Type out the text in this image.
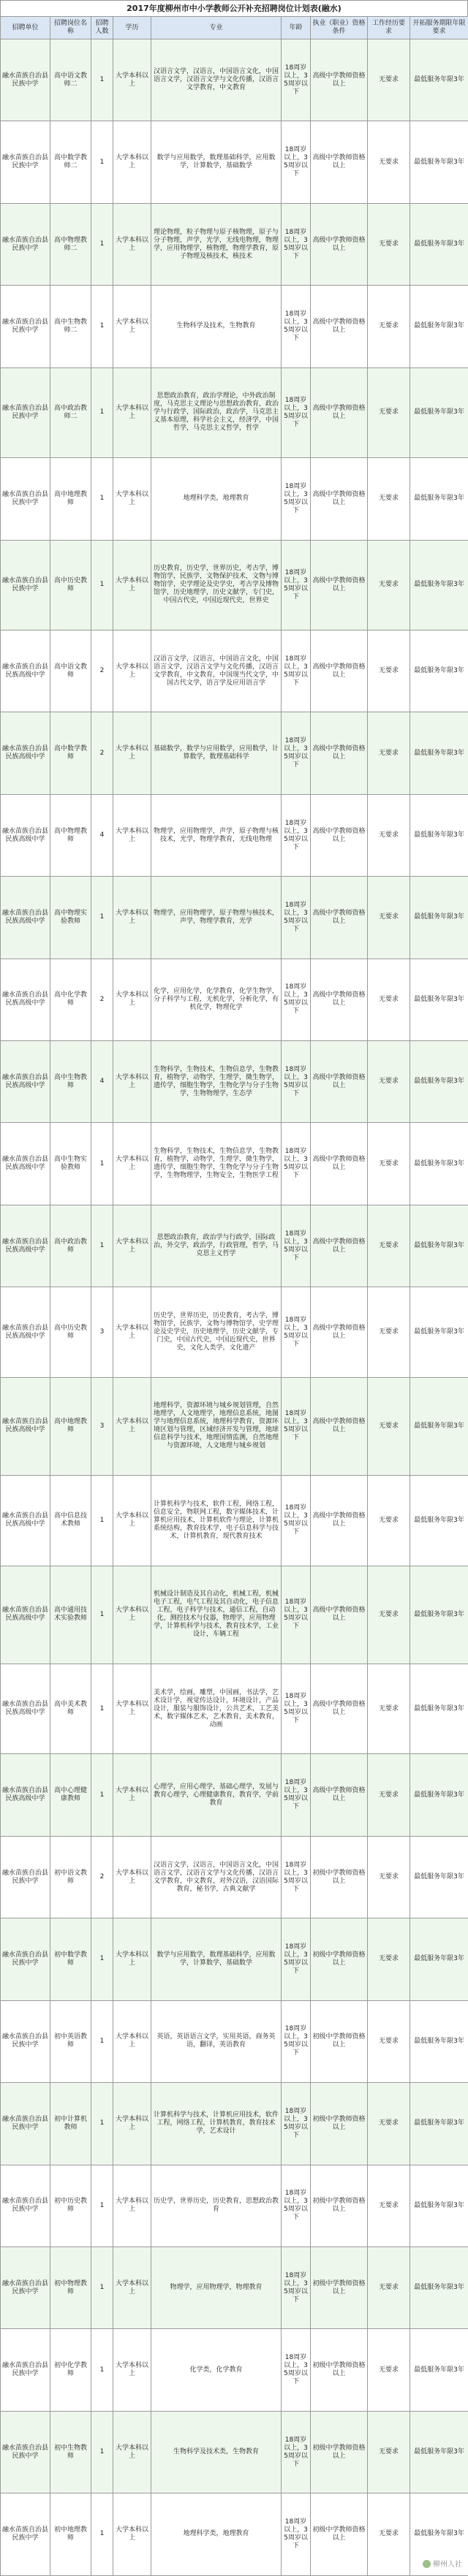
2017年度柳州市中小学教师公开补充招聘岗位计划表(融水)
招聘单位	招聘岗位名称	招聘人数	学历	专业	年龄	执业（职业）资格条件	工作经历要求	开拓服务期限年限要求
融水苗族自治县民族中学	高中语文教师二	1	大学本科以上	汉语言文学，汉语言，中国语言文化，中国语言文学，汉语言文学与文化传播，汉语言文学教育，中文教育	18周岁以上，35周岁以下	高级中学教师资格以上	无要求	最低服务年限3年
融水苗族自治县民族中学	高中数学教师二	1	大学本科以上	数学与应用数学，数理基础科学，应用数学，计算数学，基础数学	18周岁以上，35周岁以下	高级中学教师资格以上	无要求	最低服务年限3年
融水苗族自治县民族中学	高中物理教师二	1	大学本科以上	理论物理，粒子物理与原子核物理，原子与分子物理，声学，光学，无线电物理，物理学，应用物理学，核物理，物理学教育，原子物理及核技术，核技术	18周岁以上，35周岁以下	高级中学教师资格以上	无要求	最低服务年限3年
融水苗族自治县民族中学	高中生物教师二	1	大学本科以上	生物科学及技术，生物教育	18周岁以上，35周岁以下	高级中学教师资格以上	无要求	最低服务年限3年
融水苗族自治县民族中学	高中政治教师二	1	大学本科以上	思想政治教育，政治学理论，中外政治制度，马克思主义理论与思想政治教育，政治学与行政学，国际政治，政治学，马克思主义基本原理，科学社会主义，经济学，中国哲学，马克思主义哲学，哲学	18周岁以上，35周岁以下	高级中学教师资格以上	无要求	最低服务年限3年
融水苗族自治县民族中学	高中地理教师	1	大学本科以上	地理科学类，地理教育	18周岁以上，35周岁以下	高级中学教师资格以上	无要求	最低服务年限3年
融水苗族自治县民族中学	高中历史教师	1	大学本科以上	历史教育，历史学，世界历史，考古学，博物馆学，民族学，文物保护技术，文物与博物馆学，史学理论及史学史，考古学及博物馆学，历史地理学，历史文献学，专门史，中国古代史，中国近现代史，世界史	18周岁以上，35周岁以下	高级中学教师资格以上	无要求	最低服务年限3年
融水苗族自治县民族高级中学	高中语文教师	2	大学本科以上	汉语言文学，汉语言，中国语言文化，中国语言文学，汉语言文学与文化传播，汉语言文学教育，中文教育，中国现当代文学，中国古代文学，语言学及应用语言学	18周岁以上，35周岁以下	高级中学教师资格以上	无要求	最低服务年限3年
融水苗族自治县民族高级中学	高中数学教师	2	大学本科以上	基础数学，数学与应用数学，应用数学，计算数学，数理基础科学	18周岁以上，35周岁以下	高级中学教师资格以上	无要求	最低服务年限3年
融水苗族自治县民族高级中学	高中物理教师	4	大学本科以上	物理学，应用物理学，声学，原子物理与核技术，光学，物理学教育，无线电物理	18周岁以上，35周岁以下	高级中学教师资格以上	无要求	最低服务年限3年
融水苗族自治县民族高级中学	高中物理实验教师	1	大学本科以上	物理学，应用物理学，原子物理与核技术，声学，物理学教育，光学	18周岁以上，35周岁以下	高级中学教师资格以上	无要求	最低服务年限3年
融水苗族自治县民族高级中学	高中化学教师	2	大学本科以上	化学，应用化学，化学教育，化学生物学，分子科学与工程，无机化学，分析化学，有机化学，物理化学	18周岁以上，35周岁以下	高级中学教师资格以上	无要求	最低服务年限3年
融水苗族自治县民族高级中学	高中生物教师	4	大学本科以上	生物科学，生物技术，生物信息学，生物教育，植物学，动物学，生理学，微生物学，遗传学，细胞生物学，生物化学与分子生物学，生物物理学，生态学	18周岁以上，35周岁以下	高级中学教师资格以上	无要求	最低服务年限3年
融水苗族自治县民族高级中学	高中生物实验教师	1	大学本科以上	生物科学，生物技术，生物信息学，生物教育，植物学，动物学，生理学，微生物学，遗传学，细胞生物学，生物化学与分子生物学，生物物理学，生物安全，生物医学工程	18周岁以上，35周岁以下	高级中学教师资格以上	无要求	最低服务年限3年
融水苗族自治县民族高级中学	高中政治教师	1	大学本科以上	思想政治教育，政治学与行政学，国际政治，外交学，政治学，行政管理，哲学，马克思主义哲学	18周岁以上，35周岁以下	高级中学教师资格以上	无要求	最低服务年限3年
融水苗族自治县民族高级中学	高中历史教师	3	大学本科以上	历史学，世界历史，历史教育，考古学，博物馆学，民族学，文物与博物馆学，史学理论及史学史，历史地理学，历史文献学，专门史，中国古代史，中国近现代史，世界史，文化人类学，文化遗产	18周岁以上，35周岁以下	高级中学教师资格以上	无要求	最低服务年限3年
融水苗族自治县民族高级中学	高中地理教师	3	大学本科以上	地理科学，资源环境与城乡规划管理，自然地理学，人文地理学，地理信息系统，地图学与地理信息系统，地理科学教育，资源环境区划与管理，区域经济开发与管理，地球信息科学与技术，地理国情监测，自然地理与资源环境，人文地理与城乡规划	18周岁以上，35周岁以下	高级中学教师资格以上	无要求	最低服务年限3年
融水苗族自治县民族高级中学	高中信息技术教师	1	大学本科以上	计算机科学与技术，软件工程，网络工程，信息安全，物联网工程，数字媒体技术，计算机应用技术，计算机软件与理论，计算机系统结构，教育技术学，电子信息科学与技术，计算机教育，现代教育技术	18周岁以上，35周岁以下	高级中学教师资格以上	无要求	最低服务年限3年
融水苗族自治县民族高级中学	高中通用技术实验教师	1	大学本科以上	机械设计制造及其自动化，机械工程，机械电子工程，电气工程及其自动化，电子信息工程，电子科学与技术，通信工程，自动化，测控技术与仪器，物理学，应用物理学，计算机科学与技术，教育技术学，工业设计，车辆工程	18周岁以上，35周岁以下	高级中学教师资格以上	无要求	最低服务年限3年
融水苗族自治县民族高级中学	高中美术教师	1	大学本科以上	美术学，绘画，雕塑，中国画，书法学，艺术设计学，视觉传达设计，环境设计，产品设计，服装与服饰设计，公共艺术，工艺美术，数字媒体艺术，艺术教育，美术教育，动画	18周岁以上，35周岁以下	高级中学教师资格以上	无要求	最低服务年限3年
融水苗族自治县民族高级中学	高中心理健康教师	1	大学本科以上	心理学，应用心理学，基础心理学，发展与教育心理学，心理健康教育，教育学，学前教育	18周岁以上，35周岁以下	高级中学教师资格以上	无要求	最低服务年限3年
融水苗族自治县民族中学	初中语文教师	2	大学本科以上	汉语言文学，汉语言，中国语言文化，中国语言文学，汉语言文学与文化传播，汉语言文学教育，中文教育，对外汉语，汉语国际教育，秘书学，古典文献学	18周岁以上，35周岁以下	初级中学教师资格以上	无要求	最低服务年限3年
融水苗族自治县民族中学	初中数学教师	1	大学本科以上	数学与应用数学，数理基础科学，应用数学，计算数学，基础数学	18周岁以上，35周岁以下	初级中学教师资格以上	无要求	最低服务年限3年
融水苗族自治县民族中学	初中英语教师	1	大学本科以上	英语，英语语言文学，实用英语，商务英语，翻译，英语教育	18周岁以上，35周岁以下	初级中学教师资格以上	无要求	最低服务年限3年
融水苗族自治县民族中学	初中计算机教师	1	大学本科以上	计算机科学与技术，计算机应用技术，软件工程，网络工程，计算机教育，教育技术学，艺术设计	18周岁以上，35周岁以下	初级中学教师资格以上	无要求	最低服务年限3年
融水苗族自治县民族中学	初中历史教师	1	大学本科以上	历史学，世界历史，历史教育，思想政治教育	18周岁以上，35周岁以下	初级中学教师资格以上	无要求	最低服务年限3年
融水苗族自治县民族中学	初中物理教师	1	大学本科以上	物理学，应用物理学，物理教育	18周岁以上，35周岁以下	初级中学教师资格以上	无要求	最低服务年限3年
融水苗族自治县民族中学	初中化学教师	1	大学本科以上	化学类，化学教育	18周岁以上，35周岁以下	初级中学教师资格以上	无要求	最低服务年限3年
融水苗族自治县民族中学	初中生物教师	1	大学本科以上	生物科学及技术类，生物教育	18周岁以上，35周岁以下	初级中学教师资格以上	无要求	最低服务年限3年
融水苗族自治县民族中学	初中地理教师	1	大学本科以上	地理科学类，地理教育	18周岁以上，35周岁以下	初级中学教师资格以上	无要求	最低服务年限3年
柳州人社
